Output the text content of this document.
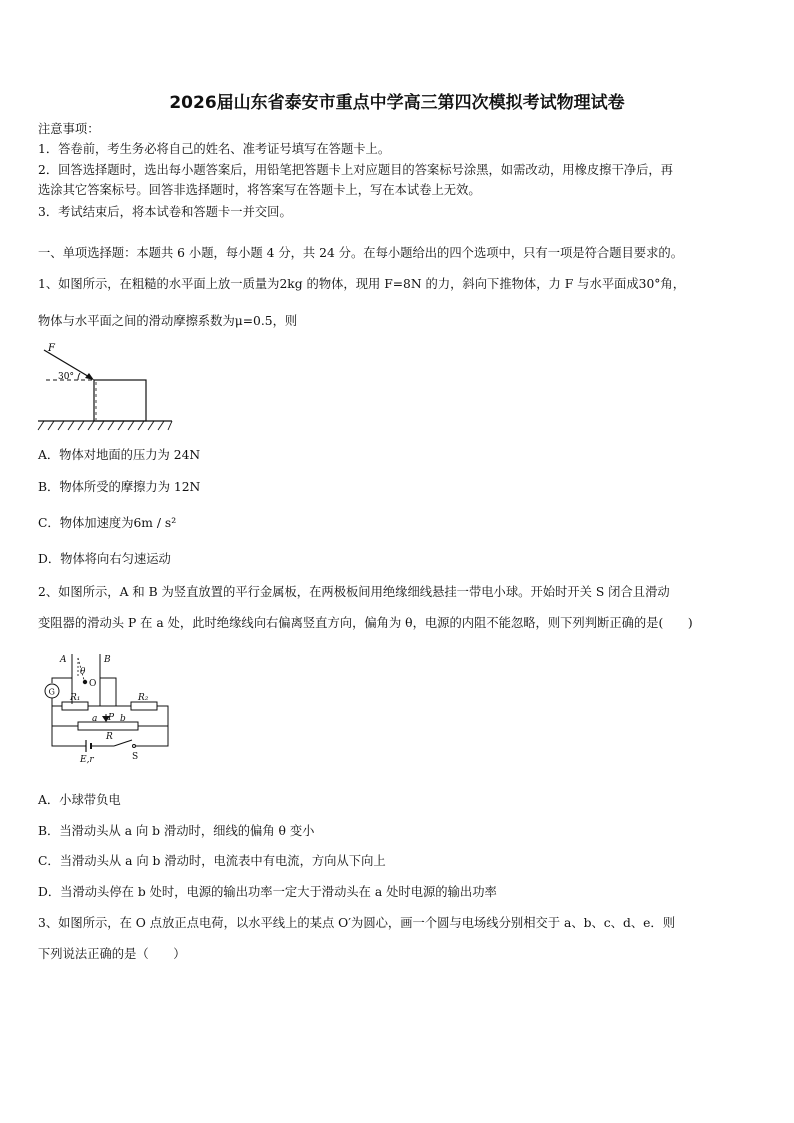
2026届山东省泰安市重点中学高三第四次模拟考试物理试卷
注意事项：
1．答卷前，考生务必将自己的姓名、准考证号填写在答题卡上。
2．回答选择题时，选出每小题答案后，用铅笔把答题卡上对应题目的答案标号涂黑，如需改动，用橡皮擦干净后，再
选涂其它答案标号。回答非选择题时，将答案写在答题卡上，写在本试卷上无效。
3．考试结束后，将本试卷和答题卡一并交回。
一、单项选择题：本题共 6 小题，每小题 4 分，共 24 分。在每小题给出的四个选项中，只有一项是符合题目要求的。
1、如图所示，在粗糙的水平面上放一质量为2kg 的物体，现用 F=8N 的力，斜向下推物体，力 F 与水平面成30°角，
物体与水平面之间的滑动摩擦系数为μ=0.5，则
F
30°
A．物体对地面的压力为 24N
B．物体所受的摩擦力为 12N
C．物体加速度为6m / s²
D．物体将向右匀速运动
2、如图所示，A 和 B 为竖直放置的平行金属板，在两极板间用绝缘细线悬挂一带电小球。开始时开关 S 闭合且滑动
变阻器的滑动头 P 在 a 处，此时绝缘线向右偏离竖直方向，偏角为 θ，电源的内阻不能忽略，则下列判断正确的是(　　)
A	B
θ
O
G
R₁	R₂
a P b
R
S
E,r
A．小球带负电
B．当滑动头从 a 向 b 滑动时，细线的偏角 θ 变小
C．当滑动头从 a 向 b 滑动时，电流表中有电流，方向从下向上
D．当滑动头停在 b 处时，电源的输出功率一定大于滑动头在 a 处时电源的输出功率
3、如图所示，在 O 点放正点电荷，以水平线上的某点 O′为圆心，画一个圆与电场线分别相交于 a、b、c、d、e．则
下列说法正确的是（　　）
